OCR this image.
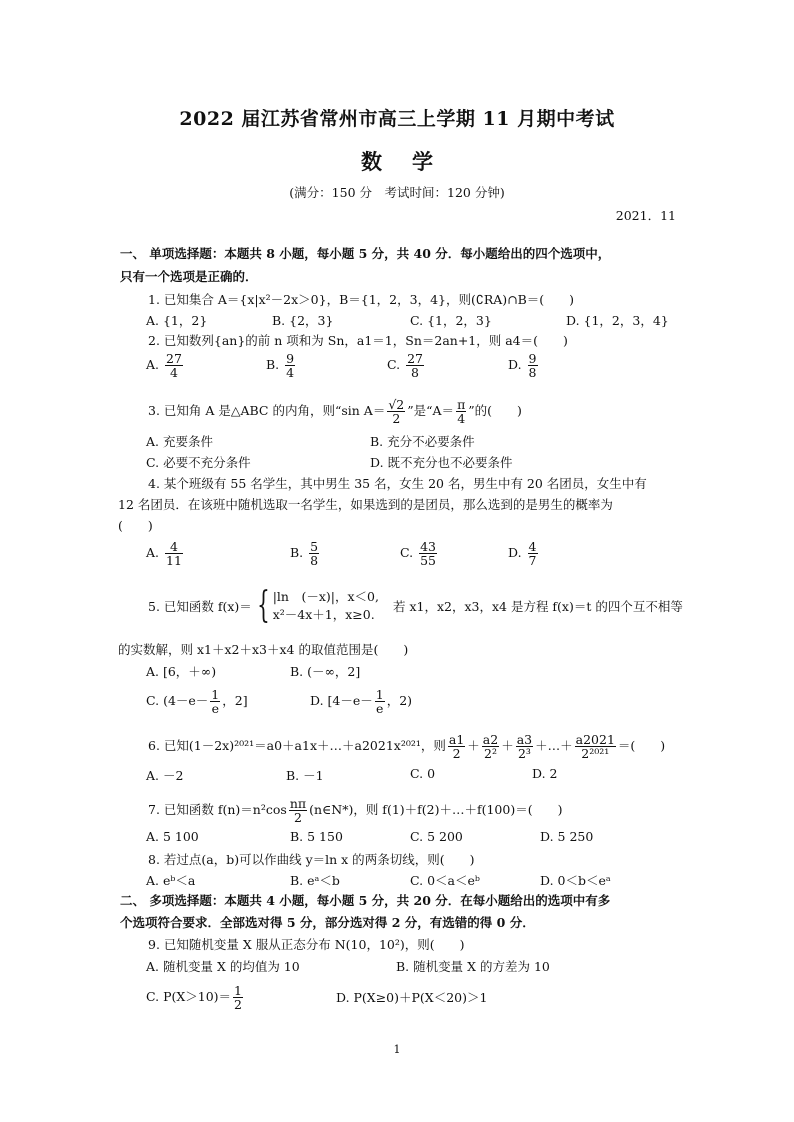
2022 届江苏省常州市高三上学期 11 月期中考试
数学
(满分：150 分　考试时间：120 分钟)
2021．11
一、 单项选择题：本题共 8 小题，每小题 5 分，共 40 分．每小题给出的四个选项中，
只有一个选项是正确的．
1. 已知集合 A＝{x|x²－2x＞0}，B＝{1，2，3，4}，则(∁RA)∩B＝(　　)
A. {1，2}	B. {2，3}	C. {1，2，3}	D. {1，2，3，4}
2. 已知数列{an}的前 n 项和为 Sn，a1＝1，Sn＝2an+1，则 a4＝(　　)
A. $\frac{27}{4}$	B. $\frac{9}{4}$	C. $\frac{27}{8}$	D. $\frac{9}{8}$
3. 已知角 A 是△ABC 的内角，则“sin $A= \frac{√2}{2}$ ”是“$A= \frac{\pi}{4}$ ”的(　　)
A. 充要条件	B. 充分不必要条件
C. 必要不充分条件	D. 既不充分也不必要条件
4. 某个班级有 55 名学生，其中男生 35 名，女生 20 名，男生中有 20 名团员，女生中有
12 名团员．在该班中随机选取一名学生，如果选到的是团员，那么选到的是男生的概率为
(　　)
A. $\frac{4}{11}$	B. $\frac{5}{8}$	C. $\frac{43}{55}$	D. $\frac{4}{7}$
5. 已知函数 f(x)＝ { |ln　(－x)|，x＜0,
x²－4x＋1，x≥0.
若 x1，x2，x3，x4 是方程 f(x)＝t 的四个互不相等
的实数解，则 x1＋x2＋x3＋x4 的取值范围是(　　)
A. [6，＋∞)	B. (－∞，2]
C. ($4-e- \frac{1}{e}$ ，2]	D. [$4-e- \frac{1}{e}$ ，2)
6. 已知(1－2x)²⁰²¹＝a0＋a1x＋…＋a2021x²⁰²¹，则 $\frac{a1}{2} + \frac{a2}{\text{2²}} + \frac{a3}{\text{2³}}$ ＋…＋ $\frac{a2021}{\text{2²⁰²¹}}$ ＝(　　)
A. －2	B. －1	C. 0	D. 2
7. 已知函数 $f(n)=n^2\cos \frac{n\pi}{2}$ (n∈N*)，则 f(1)＋f(2)＋…＋f(100)＝(　　)
A. 5 100	B. 5 150	C. 5 200	D. 5 250
8. 若过点(a，b)可以作曲线 y＝ln x 的两条切线，则(　　)
A. eᵇ＜a	B. eᵃ＜b	C. 0＜a＜eᵇ	D. 0＜b＜eᵃ
二、 多项选择题：本题共 4 小题，每小题 5 分，共 20 分．在每小题给出的选项中有多
个选项符合要求．全部选对得 5 分，部分选对得 2 分，有选错的得 0 分．
9. 已知随机变量 X 服从正态分布 N(10，10²)，则(　　)
A. 随机变量 X 的均值为 10	B. 随机变量 X 的方差为 10
C. $P(X>10)= \frac{1}{2}$	D. P(X≥0)＋P(X＜20)＞1
1
